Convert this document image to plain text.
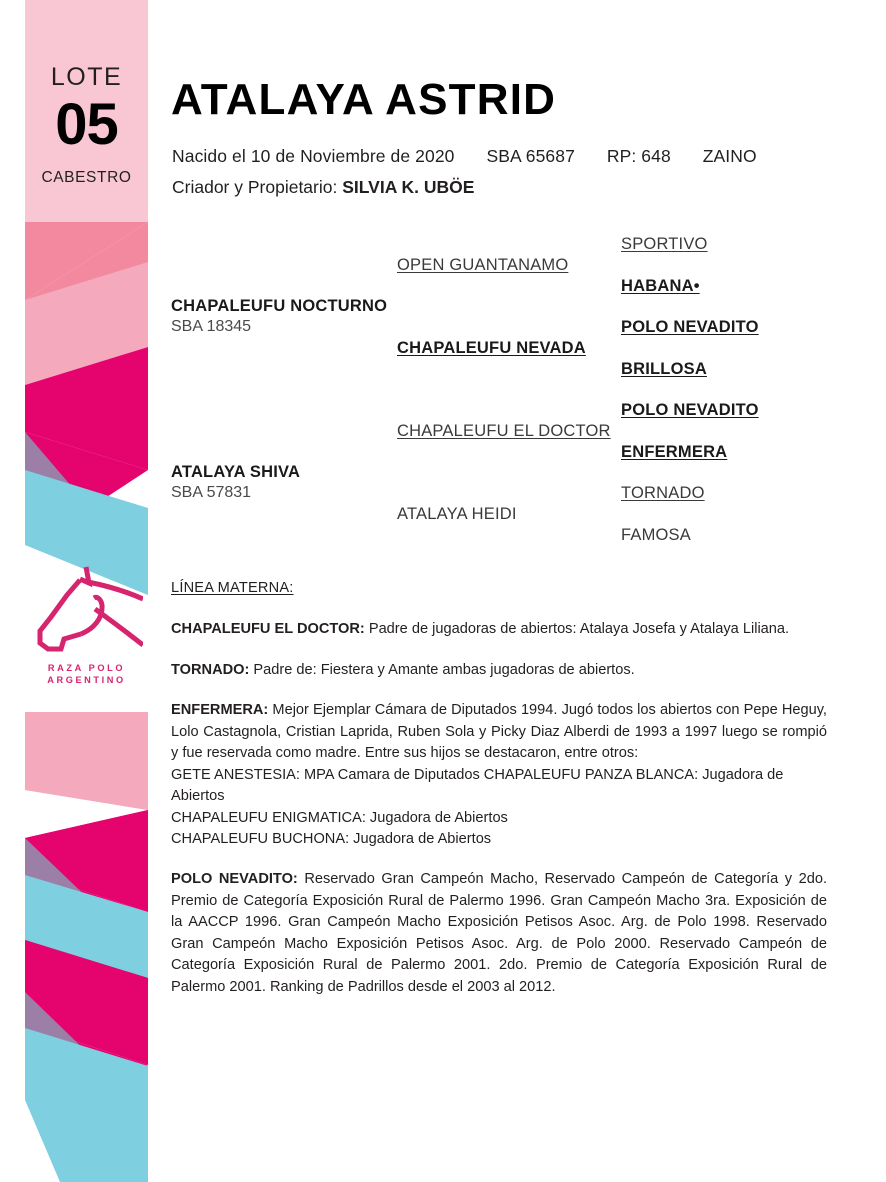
LOTE
05
CABESTRO
RAZA POLO
ARGENTINO
ATALAYA ASTRID
Nacido el 10 de Noviembre de 2020 SBA 65687 RP: 648 ZAINO
Criador y Propietario: SILVIA K. UBÖE
CHAPALEUFU NOCTURNO
SBA 18345
ATALAYA SHIVA
SBA 57831
OPEN GUANTANAMO
CHAPALEUFU NEVADA
CHAPALEUFU EL DOCTOR
ATALAYA HEIDI
SPORTIVO
HABANA•
POLO NEVADITO
BRILLOSA
POLO NEVADITO
ENFERMERA
TORNADO
FAMOSA
LÍNEA MATERNA:

CHAPALEUFU EL DOCTOR: Padre de jugadoras de abiertos: Atalaya Josefa y Atalaya Liliana.

TORNADO: Padre de: Fiestera y Amante ambas jugadoras de abiertos.

ENFERMERA: Mejor Ejemplar Cámara de Diputados 1994. Jugó todos los abiertos con Pepe Heguy, Lolo Castagnola, Cristian Laprida, Ruben Sola y Picky Diaz Alberdi de 1993 a 1997 luego se rompió y fue reservada como madre. Entre sus hijos se destacaron, entre otros:

GETE ANESTESIA: MPA Camara de Diputados CHAPALEUFU PANZA BLANCA: Jugadora de Abiertos
CHAPALEUFU ENIGMATICA: Jugadora de Abiertos
CHAPALEUFU BUCHONA: Jugadora de Abiertos

POLO NEVADITO: Reservado Gran Campeón Macho, Reservado Campeón de Categoría y 2do. Premio de Categoría Exposición Rural de Palermo 1996. Gran Campeón Macho 3ra. Exposición de la AACCP 1996. Gran Campeón Macho Exposición Petisos Asoc. Arg. de Polo 1998. Reservado Gran Campeón Macho Exposición Petisos Asoc. Arg. de Polo 2000. Reservado Campeón de Categoría Exposición Rural de Palermo 2001. 2do. Premio de Categoría Exposición Rural de Palermo 2001. Ranking de Padrillos desde el 2003 al 2012.
